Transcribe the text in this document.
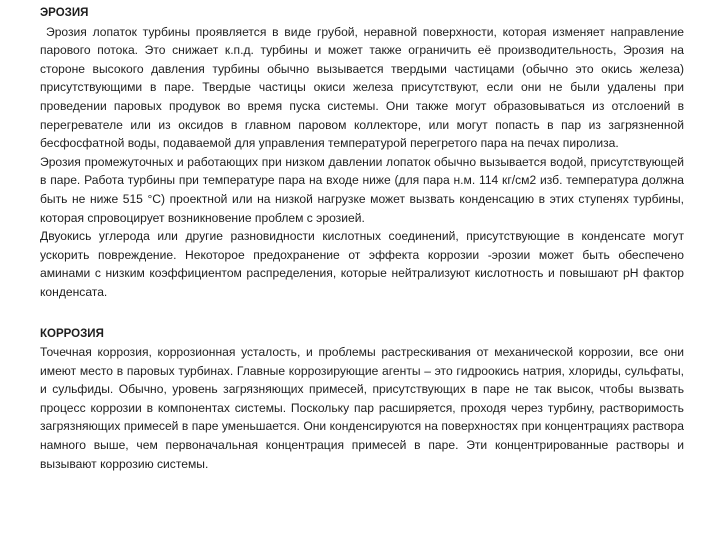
ЭРОЗИЯ

Эрозия лопаток турбины проявляется в виде грубой, неравной поверхности, которая изменяет направление парового потока. Это снижает к.п.д. турбины и может также ограничить её производительность, Эрозия на стороне высокого давления турбины обычно вызывается твердыми частицами (обычно это окись железа) присутствующими в паре. Твердые частицы окиси железа присутствуют, если они не были удалены при проведении паровых продувок во время пуска системы. Они также могут образовываться из отслоений в перегревателе или из оксидов в главном паровом коллекторе, или могут попасть в пар из загрязненной бесфосфатной воды, подаваемой для управления температурой перегретого пара на печах пиролиза.

Эрозия промежуточных и работающих при низком давлении лопаток обычно вызывается водой, присутствующей в паре. Работа турбины при температуре пара на входе ниже (для пара н.м. 114 кг/см2 изб. температура должна быть не ниже 515 °С) проектной или на низкой нагрузке может вызвать конденсацию в этих ступенях турбины, которая спровоцирует возникновение проблем с эрозией.

Двуокись углерода или другие разновидности кислотных соединений, присутствующие в конденсате могут ускорить повреждение. Некоторое предохранение от эффекта коррозии -эрозии может быть обеспечено аминами с низким коэффициентом распределения, которые нейтрализуют кислотность и повышают pH фактор конденсата.

КОРРОЗИЯ

Точечная коррозия, коррозионная усталость, и проблемы растрескивания от механической коррозии, все они имеют место в паровых турбинах. Главные коррозирующие агенты – это гидроокись натрия, хлориды, сульфаты, и сульфиды. Обычно, уровень загрязняющих примесей, присутствующих в паре не так высок, чтобы вызвать процесс коррозии в компонентах системы. Поскольку пар расширяется, проходя через турбину, растворимость загрязняющих примесей в паре уменьшается. Они конденсируются на поверхностях при концентрациях раствора намного выше, чем первоначальная концентрация примесей в паре. Эти концентрированные растворы и вызывают коррозию системы.
